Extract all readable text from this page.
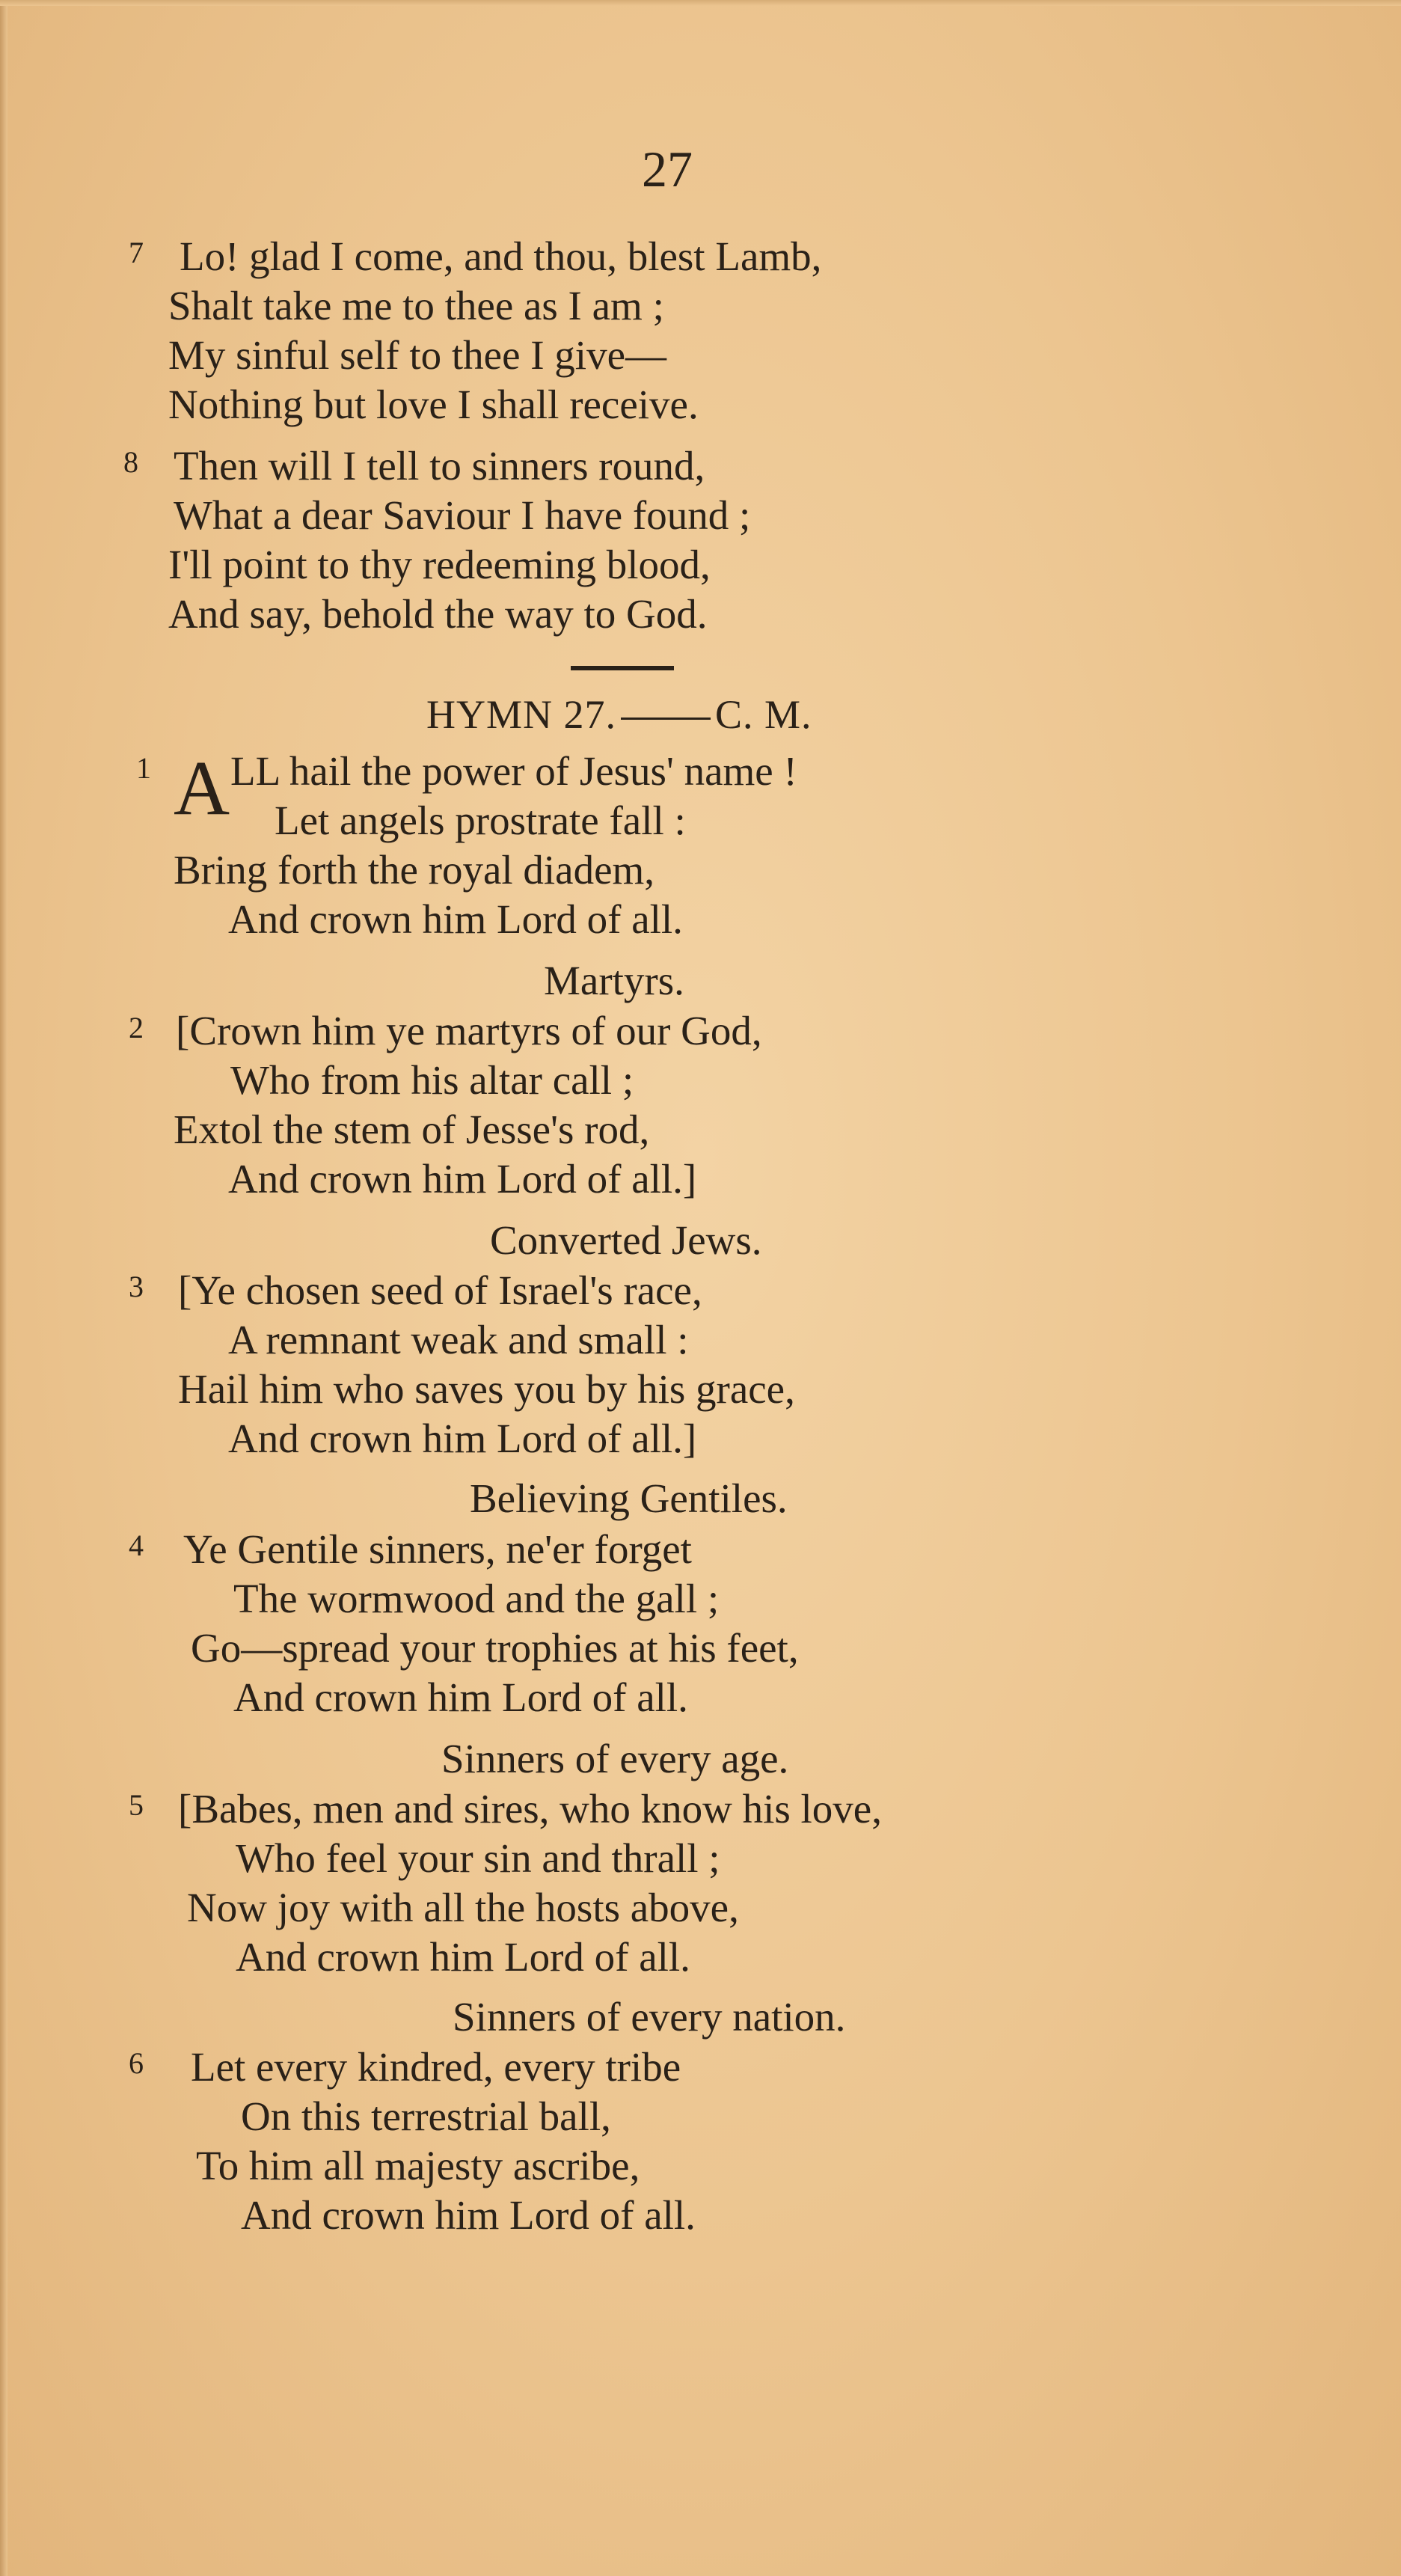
27
7 Lo! glad I come, and thou, blest Lamb,
Shalt take me to thee as I am ;
My sinful self to thee I give—
Nothing but love I shall receive.
8 Then will I tell to sinners round,
What a dear Saviour I have found ;
I'll point to thy redeeming blood,
And say, behold the way to God.
HYMN 27. C. M.
1 A LL hail the power of Jesus' name !
Let angels prostrate fall :
Bring forth the royal diadem,
And crown him Lord of all.
Martyrs.
2 [Crown him ye martyrs of our God,
Who from his altar call ;
Extol the stem of Jesse's rod,
And crown him Lord of all.]
Converted Jews.
3 [Ye chosen seed of Israel's race,
A remnant weak and small :
Hail him who saves you by his grace,
And crown him Lord of all.]
Believing Gentiles.
4 Ye Gentile sinners, ne'er forget
The wormwood and the gall ;
Go—spread your trophies at his feet,
And crown him Lord of all.
Sinners of every age.
5 [Babes, men and sires, who know his love,
Who feel your sin and thrall ;
Now joy with all the hosts above,
And crown him Lord of all.
Sinners of every nation.
6 Let every kindred, every tribe
On this terrestrial ball,
To him all majesty ascribe,
And crown him Lord of all.
